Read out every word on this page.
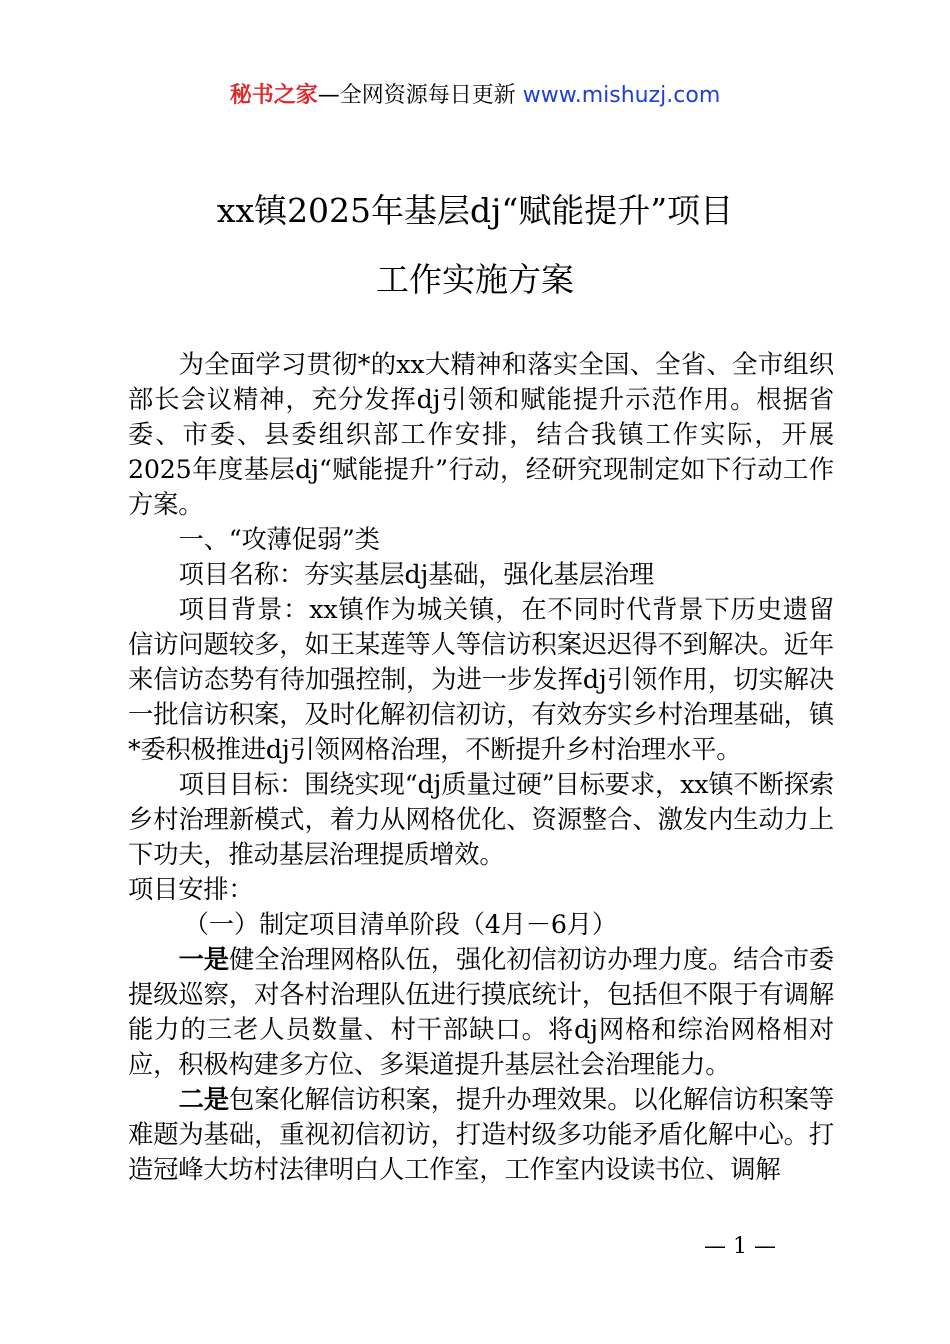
秘书之家—全网资源每日更新 www.mishuzj.com
xx镇2025年基层dj“赋能提升”项目
工作实施方案

为全面学习贯彻*的xx大精神和落实全国、全省、全市组织部长会议精神，充分发挥dj引领和赋能提升示范作用。根据省委、市委、县委组织部工作安排，结合我镇工作实际，开展2025年度基层dj“赋能提升”行动，经研究现制定如下行动工作方案。

一、“攻薄促弱”类

项目名称：夯实基层dj基础，强化基层治理

项目背景：xx镇作为城关镇，在不同时代背景下历史遗留信访问题较多，如王某莲等人等信访积案迟迟得不到解决。近年来信访态势有待加强控制，为进一步发挥dj引领作用，切实解决一批信访积案，及时化解初信初访，有效夯实乡村治理基础，镇*委积极推进dj引领网格治理，不断提升乡村治理水平。

项目目标：围绕实现“dj质量过硬”目标要求，xx镇不断探索乡村治理新模式，着力从网格优化、资源整合、激发内生动力上下功夫，推动基层治理提质增效。

项目安排：

（一）制定项目清单阶段（4月－6月）

一是健全治理网格队伍，强化初信初访办理力度。结合市委提级巡察，对各村治理队伍进行摸底统计，包括但不限于有调解能力的三老人员数量、村干部缺口。将dj网格和综治网格相对应，积极构建多方位、多渠道提升基层社会治理能力。

二是包案化解信访积案，提升办理效果。以化解信访积案等难题为基础，重视初信初访，打造村级多功能矛盾化解中心。打造冠峰大坊村法律明白人工作室，工作室内设读书位、调解

— 1 —
